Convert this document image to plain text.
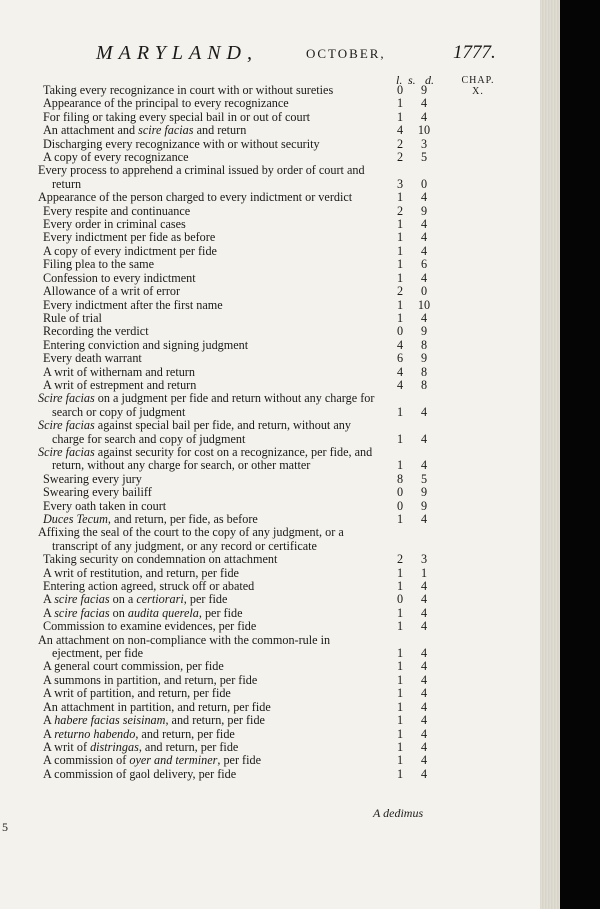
MARYLAND,	OCTOBER,	1777.
CHAP.
X.
l. s. d.
Taking every recognizance in court with or without sureties	0	9
Appearance of the principal to every recognizance	1	4
For filing or taking every special bail in or out of court	1	4
An attachment and scire facias and return	4	10
Discharging every recognizance with or without security	2	3
A copy of every recognizance	2	5
Every process to apprehend a criminal issued by order of court and return	3	0
Appearance of the person charged to every indictment or verdict	1	4
Every respite and continuance	2	9
Every order in criminal cases	1	4
Every indictment per fide as before	1	4
A copy of every indictment per fide	1	4
Filing plea to the same	1	6
Confession to every indictment	1	4
Allowance of a writ of error	2	0
Every indictment after the first name	1	10
Rule of trial	1	4
Recording the verdict	0	9
Entering conviction and signing judgment	4	8
Every death warrant	6	9
A writ of withernam and return	4	8
A writ of estrepment and return	4	8
Scire facias on a judgment per fide and return without any charge for search or copy of judgment	1	4
Scire facias against special bail per fide, and return, without any charge for search and copy of judgment	1	4
Scire facias against security for cost on a recognizance, per fide, and return, without any charge for search, or other matter	1	4
Swearing every jury	8	5
Swearing every bailiff	0	9
Every oath taken in court	0	9
Duces Tecum, and return, per fide, as before	1	4
Affixing the seal of the court to the copy of any judgment, or a transcript of any judgment, or any record or certificate
Taking security on condemnation on attachment	2	3
A writ of restitution, and return, per fide	1	1
Entering action agreed, struck off or abated	1	4
A scire facias on a certiorari, per fide	0	4
A scire facias on audita querela, per fide	1	4
Commission to examine evidences, per fide	1	4
An attachment on non-compliance with the common-rule in ejectment, per fide	1	4
A general court commission, per fide	1	4
A summons in partition, and return, per fide	1	4
A writ of partition, and return, per fide	1	4
An attachment in partition, and return, per fide	1	4
A habere facias seisinam, and return, per fide	1	4
A returno habendo, and return, per fide	1	4
A writ of distringas, and return, per fide	1	4
A commission of oyer and terminer, per fide	1	4
A commission of gaol delivery, per fide	1	4
A dedimus
5
